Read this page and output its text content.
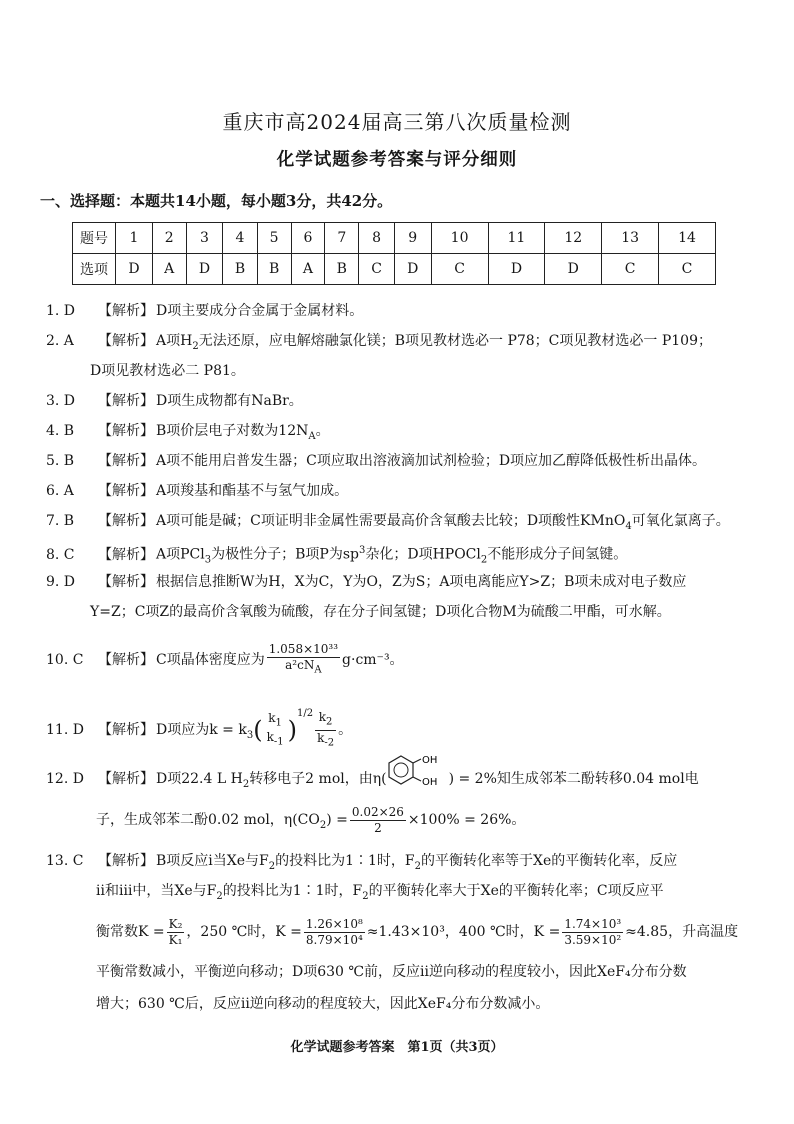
重庆市高2024届高三第八次质量检测
化学试题参考答案与评分细则
一、选择题：本题共14小题，每小题3分，共42分。
题号	1	2	3	4	5	6	7	8	9	10	11	12	13	14
选项	D	A	D	B	B	A	B	C	D	C	D	D	C	C
1. D 【解析】 D项主要成分合金属于金属材料。
2. A 【解析】 A项$H_2$无法还原，应电解熔融氯化镁；B项见教材选必一 P78；C项见教材选必一 P109；
D项见教材选必二 P81。
3. D 【解析】 D项生成物都有NaBr。
4. B 【解析】 B项价层电子对数为$12N_A$。
5. B 【解析】 A项不能用启普发生器；C项应取出溶液滴加试剂检验；D项应加乙醇降低极性析出晶体。
6. A 【解析】 A项羧基和酯基不与氢气加成。
7. B 【解析】 A项可能是碱；C项证明非金属性需要最高价含氧酸去比较；D项酸性KMnO$_4$可氧化氯离子。
8. C 【解析】 A项PCl$_3$为极性分子；B项P为$sp^3$杂化；D项HPOCl$_2$不能形成分子间氢键。
9. D 【解析】 根据信息推断W为H，X为C，Y为O，Z为S；A项电离能应Y>Z；B项未成对电子数应
Y=Z；C项Z的最高价含氧酸为硫酸，存在分子间氢键；D项化合物M为硫酸二甲酯，可水解。
10. C 【解析】 C项晶体密度应为 $\frac{\text{1.058×10³³}}{a^2cN_A} g\cdot cm^{-3}$。
11. D 【解析】 D项应为$k = k_3$( $k_1$
$k_{-1}$ )$^{1/2} \frac{k_2}{k_{-2}}$ 。
12. D 【解析】 D项22.4 L $H_2$转移电子2 mol，由η(
OH
OH ) = 2%知生成邻苯二酚转移0.04 mol电
子，生成邻苯二酚0.02 mol，$\eta(CO_2) = \frac{0.02\times 26}{2} \times 100\% = 26\%$。
13. C 【解析】 B项反应ⅰ当Xe与$F_2$的投料比为1∶1时，$F_2$的平衡转化率等于Xe的平衡转化率，反应
ⅱ和ⅲ中，当Xe与$F_2$的投料比为1∶1时，$F_2$的平衡转化率大于Xe的平衡转化率；C项反应平
衡常数$K = \frac{\text{K₂}}{\text{K₁}}$ ，250 ℃时，$K = \frac{\text{1.26×10⁸}}{\text{8.79×10⁴}} \approx 1.43\times 10^3$，400 ℃时，$K = \frac{\text{1.74×10³}}{\text{3.59×10²}} \approx 4.85$，升高温度
平衡常数减小，平衡逆向移动；D项630 ℃前，反应ⅱ逆向移动的程度较小，因此XeF₄分布分数
增大；630 ℃后，反应ⅱ逆向移动的程度较大，因此XeF₄分布分数减小。
化学试题参考答案　第1页（共3页）
